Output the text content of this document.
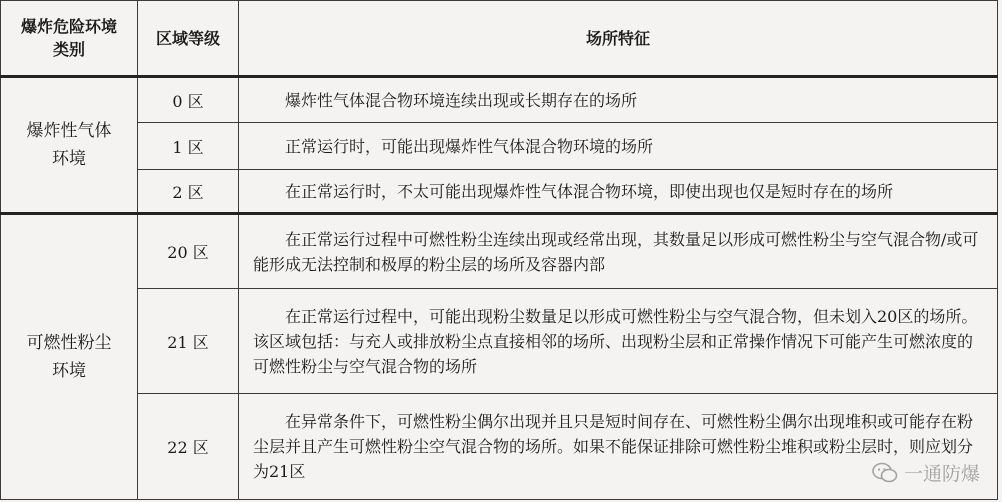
爆炸危险环境
类别	区域等级	场所特征

爆炸性气体
环境	0 区	爆炸性气体混合物环境连续出现或长期存在的场所
	1 区	正常运行时，可能出现爆炸性气体混合物环境的场所
	2 区	在正常运行时，不太可能出现爆炸性气体混合物环境，即使出现也仅是短时存在的场所

可燃性粉尘
环境	20 区	在正常运行过程中可燃性粉尘连续出现或经常出现，其数量足以形成可燃性粉尘与空气混合物/或可能形成无法控制和极厚的粉尘层的场所及容器内部
	21 区	在正常运行过程中，可能出现粉尘数量足以形成可燃性粉尘与空气混合物，但未划入20区的场所。该区域包括：与充人或排放粉尘点直接相邻的场所、出现粉尘层和正常操作情况下可能产生可燃浓度的可燃性粉尘与空气混合物的场所
	22 区	在异常条件下，可燃性粉尘偶尔出现并且只是短时间存在、可燃性粉尘偶尔出现堆积或可能存在粉尘层并且产生可燃性粉尘空气混合物的场所。如果不能保证排除可燃性粉尘堆积或粉尘层时，则应划分为21区	一通防爆
